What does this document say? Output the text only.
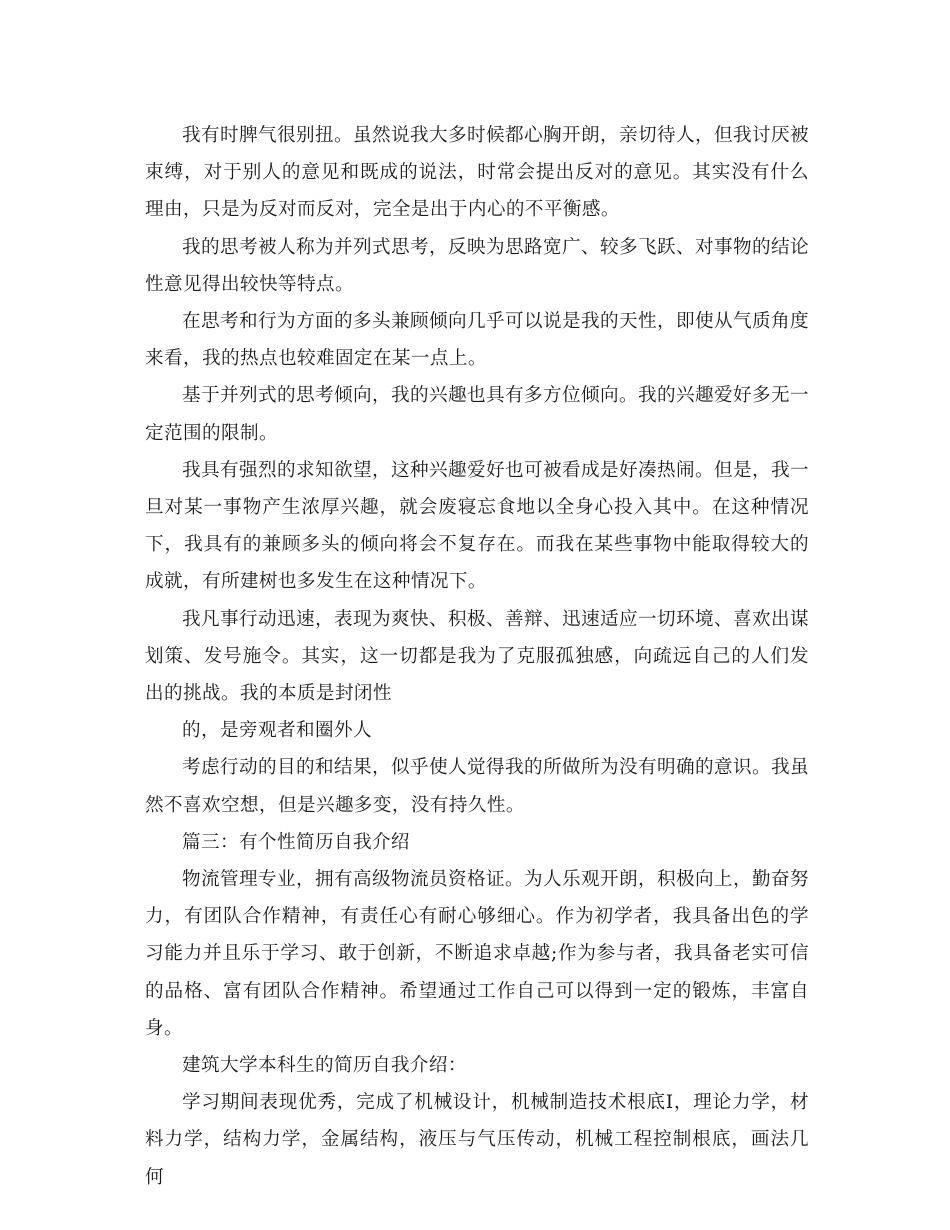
我有时脾气很别扭。虽然说我大多时候都心胸开朗，亲切待人，但我讨厌被束缚，对于别人的意见和既成的说法，时常会提出反对的意见。其实没有什么理由，只是为反对而反对，完全是出于内心的不平衡感。

我的思考被人称为并列式思考，反映为思路宽广、较多飞跃、对事物的结论性意见得出较快等特点。

在思考和行为方面的多头兼顾倾向几乎可以说是我的天性，即使从气质角度来看，我的热点也较难固定在某一点上。

基于并列式的思考倾向，我的兴趣也具有多方位倾向。我的兴趣爱好多无一定范围的限制。

我具有强烈的求知欲望，这种兴趣爱好也可被看成是好凑热闹。但是，我一旦对某一事物产生浓厚兴趣，就会废寝忘食地以全身心投入其中。在这种情况下，我具有的兼顾多头的倾向将会不复存在。而我在某些事物中能取得较大的成就，有所建树也多发生在这种情况下。

我凡事行动迅速，表现为爽快、积极、善辩、迅速适应一切环境、喜欢出谋划策、发号施令。其实，这一切都是我为了克服孤独感，向疏远自己的人们发出的挑战。我的本质是封闭性

的，是旁观者和圈外人

考虑行动的目的和结果，似乎使人觉得我的所做所为没有明确的意识。我虽然不喜欢空想，但是兴趣多变，没有持久性。

篇三：有个性简历自我介绍

物流管理专业，拥有高级物流员资格证。为人乐观开朗，积极向上，勤奋努力，有团队合作精神，有责任心有耐心够细心。作为初学者，我具备出色的学习能力并且乐于学习、敢于创新，不断追求卓越;作为参与者，我具备老实可信的品格、富有团队合作精神。希望通过工作自己可以得到一定的锻炼，丰富自身。

建筑大学本科生的简历自我介绍：

学习期间表现优秀，完成了机械设计，机械制造技术根底Ⅰ，理论力学，材料力学，结构力学，金属结构，液压与气压传动，机械工程控制根底，画法几何
